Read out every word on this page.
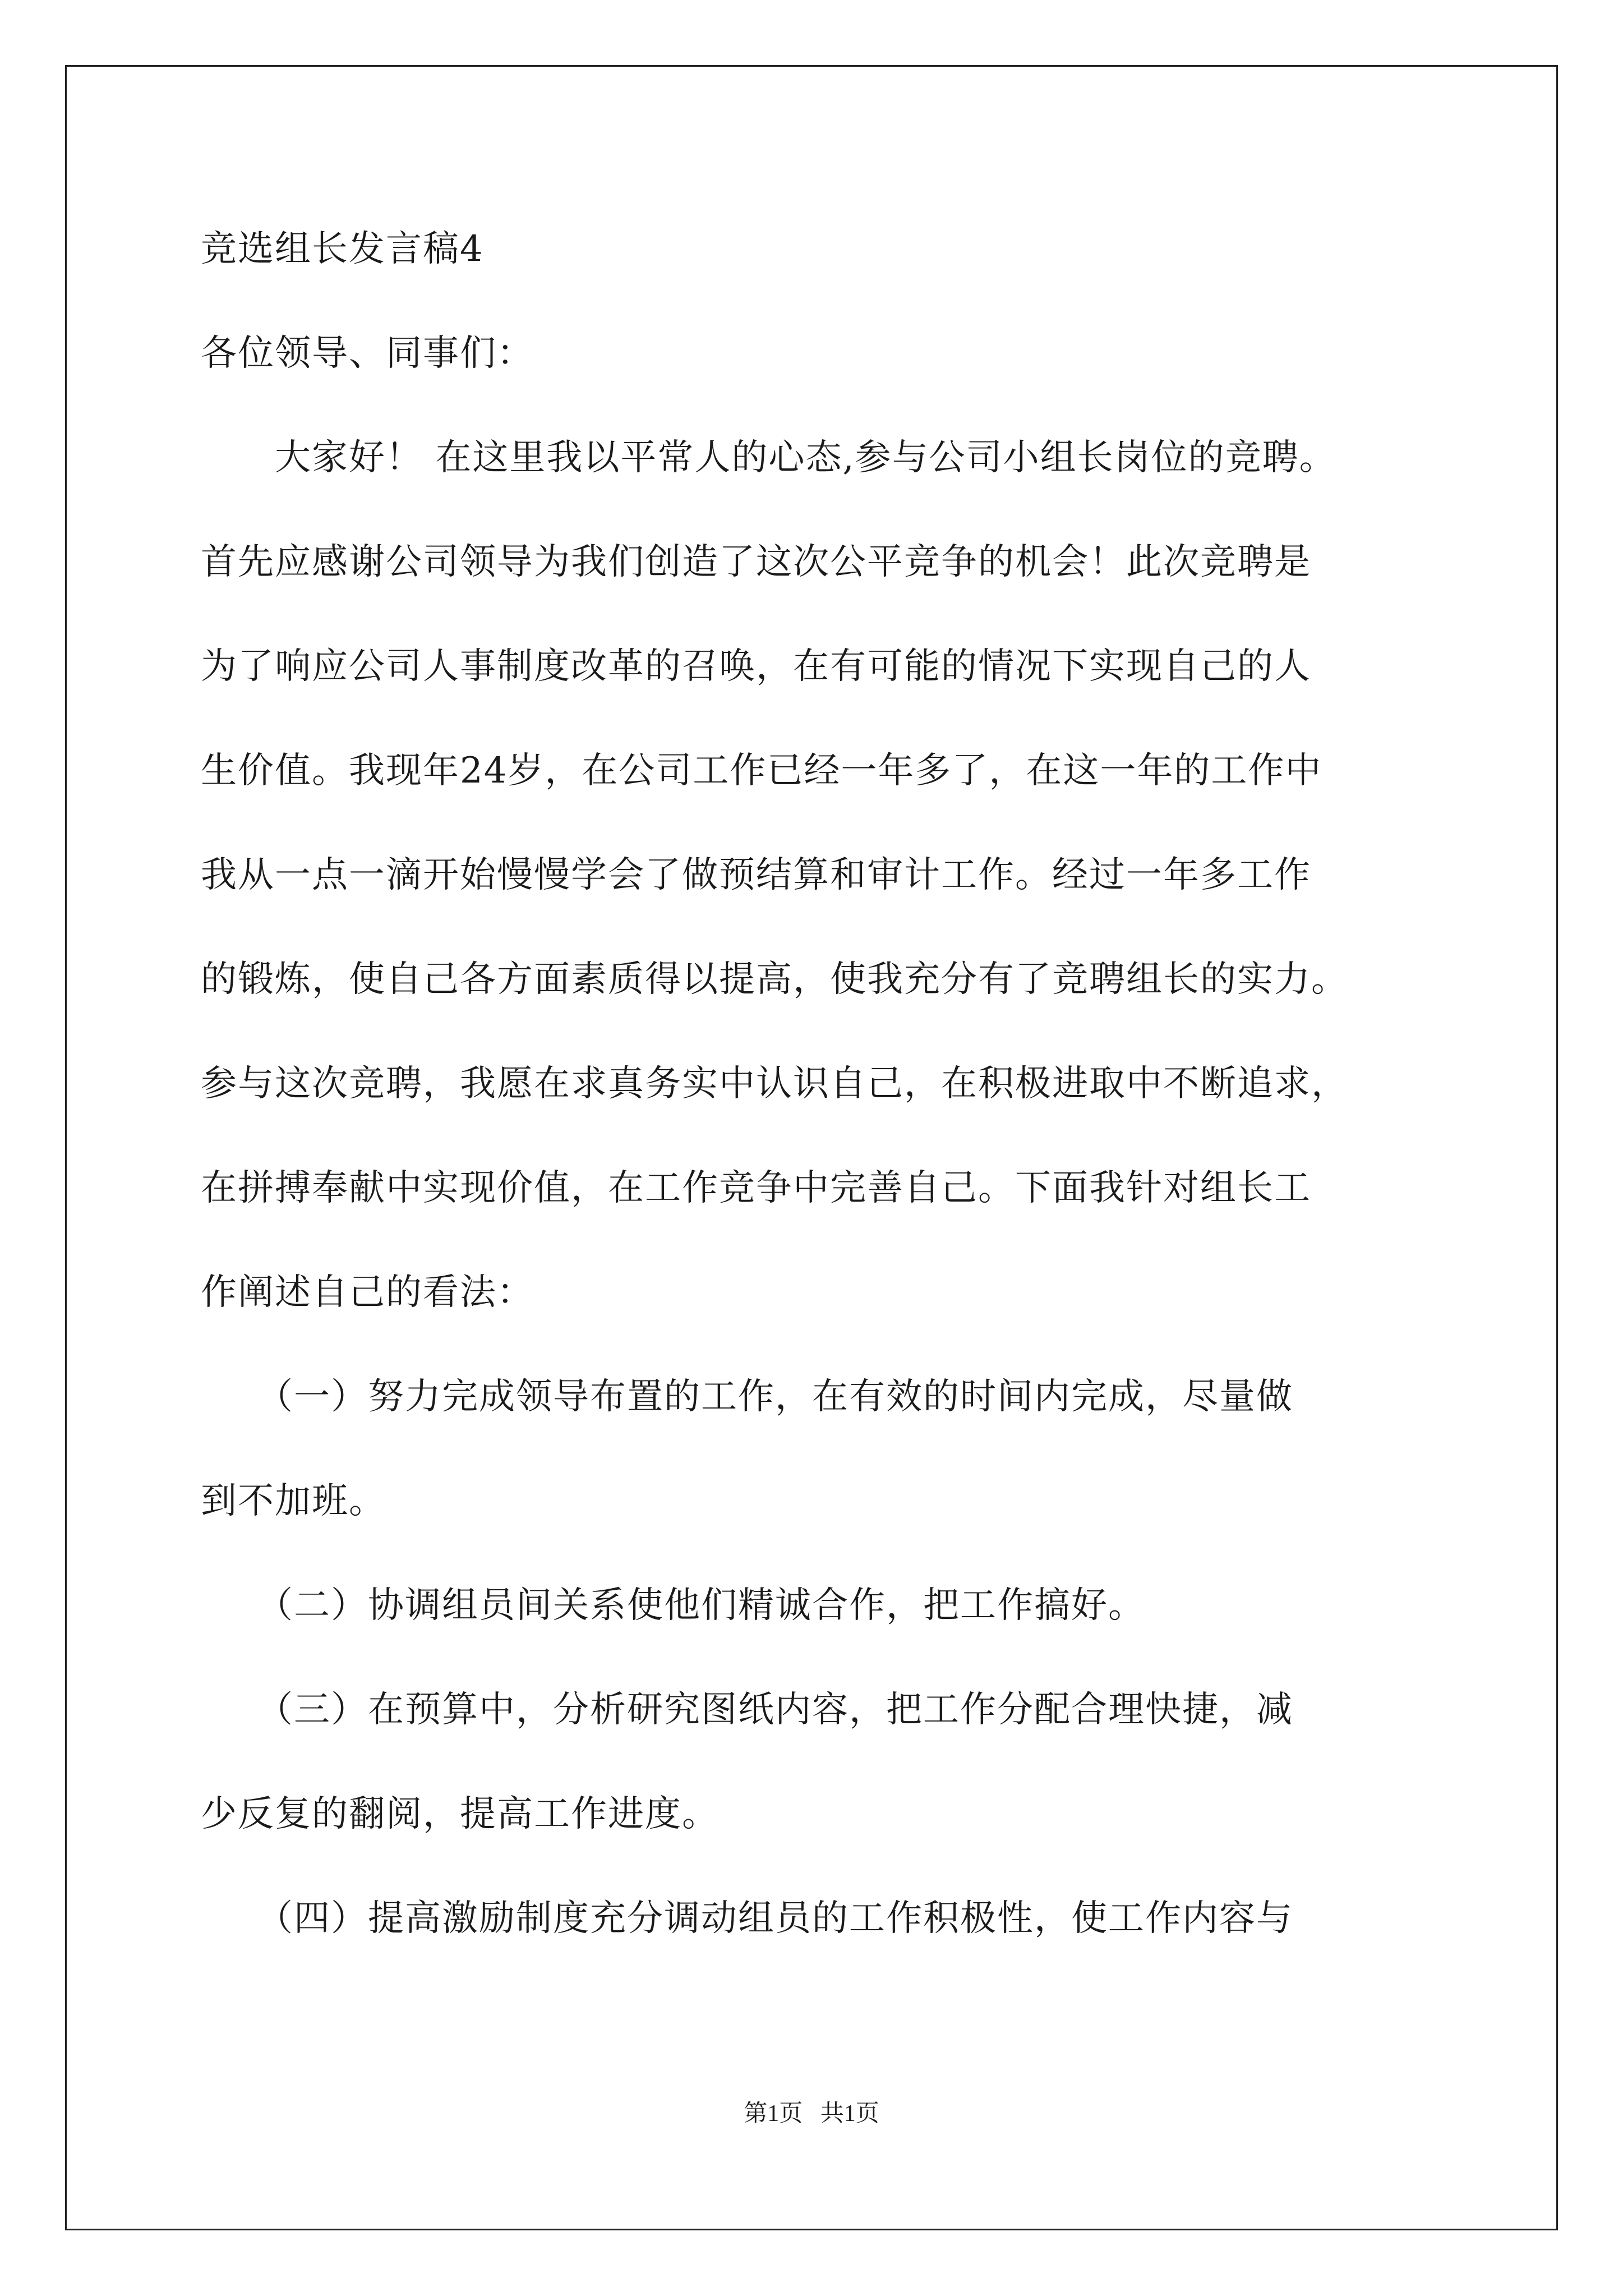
竞选组长发言稿4

各位领导、同事们：

　　大家好！ 在这里我以平常人的心态,参与公司小组长岗位的竞聘。

首先应感谢公司领导为我们创造了这次公平竞争的机会！此次竞聘是

为了响应公司人事制度改革的召唤，在有可能的情况下实现自己的人

生价值。我现年24岁，在公司工作已经一年多了，在这一年的工作中

我从一点一滴开始慢慢学会了做预结算和审计工作。经过一年多工作

的锻炼，使自己各方面素质得以提高，使我充分有了竞聘组长的实力。

参与这次竞聘，我愿在求真务实中认识自己，在积极进取中不断追求，

在拼搏奉献中实现价值，在工作竞争中完善自己。下面我针对组长工

作阐述自己的看法：

　　（一）努力完成领导布置的工作，在有效的时间内完成，尽量做

到不加班。

　　（二）协调组员间关系使他们精诚合作，把工作搞好。

　　（三）在预算中，分析研究图纸内容，把工作分配合理快捷，减

少反复的翻阅，提高工作进度。

　　（四）提高激励制度充分调动组员的工作积极性，使工作内容与

第1页 共1页
